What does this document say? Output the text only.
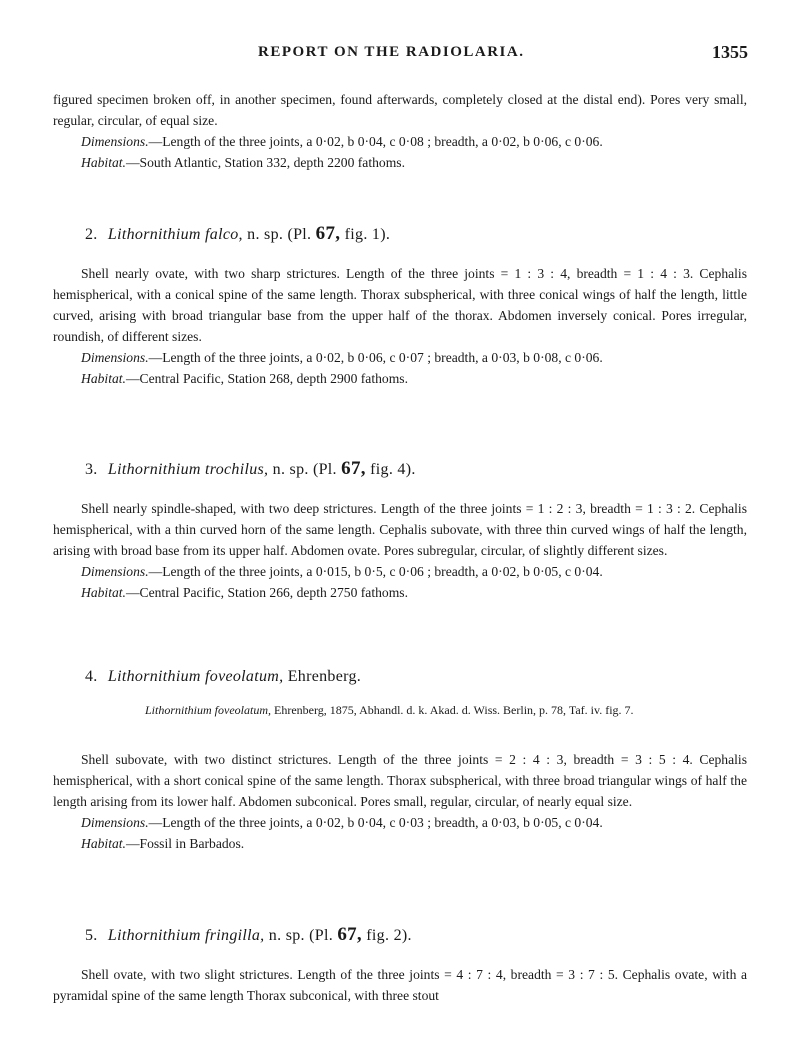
REPORT ON THE RADIOLARIA.	1355

figured specimen broken off, in another specimen, found afterwards, completely closed at the distal end). Pores very small, regular, circular, of equal size.

Dimensions.—Length of the three joints, a 0·02, b 0·04, c 0·08 ; breadth, a 0·02, b 0·06, c 0·06.

Habitat.—South Atlantic, Station 332, depth 2200 fathoms.

2. Lithornithium falco, n. sp. (Pl. 67, fig. 1).

Shell nearly ovate, with two sharp strictures. Length of the three joints = 1 : 3 : 4, breadth = 1 : 4 : 3. Cephalis hemispherical, with a conical spine of the same length. Thorax subspherical, with three conical wings of half the length, little curved, arising with broad triangular base from the upper half of the thorax. Abdomen inversely conical. Pores irregular, roundish, of different sizes.

Dimensions.—Length of the three joints, a 0·02, b 0·06, c 0·07 ; breadth, a 0·03, b 0·08, c 0·06.

Habitat.—Central Pacific, Station 268, depth 2900 fathoms.

3. Lithornithium trochilus, n. sp. (Pl. 67, fig. 4).

Shell nearly spindle-shaped, with two deep strictures. Length of the three joints = 1 : 2 : 3, breadth = 1 : 3 : 2. Cephalis hemispherical, with a thin curved horn of the same length. Cephalis subovate, with three thin curved wings of half the length, arising with broad base from its upper half. Abdomen ovate. Pores subregular, circular, of slightly different sizes.

Dimensions.—Length of the three joints, a 0·015, b 0·5, c 0·06 ; breadth, a 0·02, b 0·05, c 0·04.

Habitat.—Central Pacific, Station 266, depth 2750 fathoms.

4. Lithornithium foveolatum, Ehrenberg.
Lithornithium foveolatum, Ehrenberg, 1875, Abhandl. d. k. Akad. d. Wiss. Berlin, p. 78, Taf. iv. fig. 7.

Shell subovate, with two distinct strictures. Length of the three joints = 2 : 4 : 3, breadth = 3 : 5 : 4. Cephalis hemispherical, with a short conical spine of the same length. Thorax subspherical, with three broad triangular wings of half the length arising from its lower half. Abdomen subconical. Pores small, regular, circular, of nearly equal size.

Dimensions.—Length of the three joints, a 0·02, b 0·04, c 0·03 ; breadth, a 0·03, b 0·05, c 0·04.

Habitat.—Fossil in Barbados.

5. Lithornithium fringilla, n. sp. (Pl. 67, fig. 2).

Shell ovate, with two slight strictures. Length of the three joints = 4 : 7 : 4, breadth = 3 : 7 : 5. Cephalis ovate, with a pyramidal spine of the same length Thorax subconical, with three stout
